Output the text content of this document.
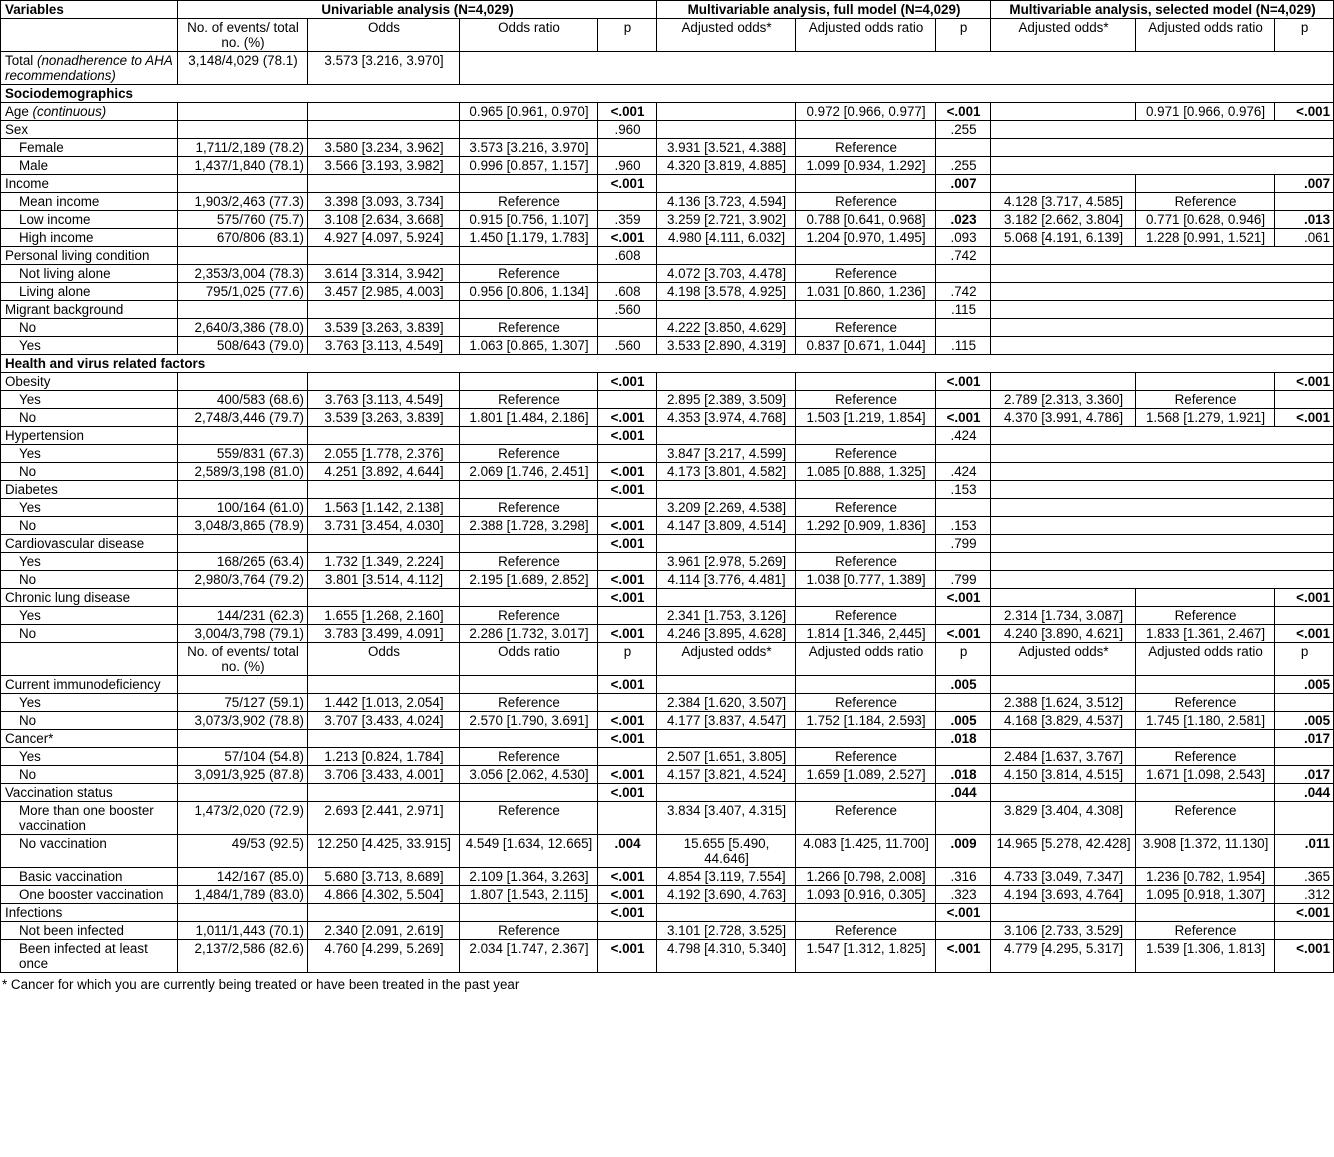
Variables	Univariable analysis (N=4,029)				Multivariable analysis, full model (N=4,029)			Multivariable analysis, selected model (N=4,029)		
	No. of events/ total no. (%)	Odds	Odds ratio	p	Adjusted odds*	Adjusted odds ratio	p	Adjusted odds*	Adjusted odds ratio	p
Total (nonadherence to AHA recommendations)	3,148/4,029 (78.1)	3.573 [3.216, 3.970]								
Sociodemographics										
Age (continuous)			0.965 [0.961, 0.970]	<.001		0.972 [0.966, 0.977]	<.001		0.971 [0.966, 0.976]	<.001
Sex				.960			.255			
Female	1,711/2,189 (78.2)	3.580 [3.234, 3.962]	3.573 [3.216, 3.970]		3.931 [3.521, 4.388]	Reference				
Male	1,437/1,840 (78.1)	3.566 [3.193, 3.982]	0.996 [0.857, 1.157]	.960	4.320 [3.819, 4.885]	1.099 [0.934, 1.292]	.255			
Income				<.001			.007			.007
Mean income	1,903/2,463 (77.3)	3.398 [3.093, 3.734]	Reference		4.136 [3.723, 4.594]	Reference		4.128 [3.717, 4.585]	Reference	
Low income	575/760 (75.7)	3.108 [2.634, 3.668]	0.915 [0.756, 1.107]	.359	3.259 [2.721, 3.902]	0.788 [0.641, 0.968]	.023	3.182 [2.662, 3.804]	0.771 [0.628, 0.946]	.013
High income	670/806 (83.1)	4.927 [4.097, 5.924]	1.450 [1.179, 1.783]	<.001	4.980 [4.111, 6.032]	1.204 [0.970, 1.495]	.093	5.068 [4.191, 6.139]	1.228 [0.991, 1.521]	.061
Personal living condition				.608			.742			
Not living alone	2,353/3,004 (78.3)	3.614 [3.314, 3.942]	Reference		4.072 [3.703, 4.478]	Reference				
Living alone	795/1,025 (77.6)	3.457 [2.985, 4.003]	0.956 [0.806, 1.134]	.608	4.198 [3.578, 4.925]	1.031 [0.860, 1.236]	.742			
Migrant background				.560			.115			
No	2,640/3,386 (78.0)	3.539 [3.263, 3.839]	Reference		4.222 [3.850, 4.629]	Reference				
Yes	508/643 (79.0)	3.763 [3.113, 4.549]	1.063 [0.865, 1.307]	.560	3.533 [2.890, 4.319]	0.837 [0.671, 1.044]	.115			
Health and virus related factors										
Obesity				<.001			<.001			<.001
Yes	400/583 (68.6)	3.763 [3.113, 4.549]	Reference		2.895 [2.389, 3.509]	Reference		2.789 [2.313, 3.360]	Reference	
No	2,748/3,446 (79.7)	3.539 [3.263, 3.839]	1.801 [1.484, 2.186]	<.001	4.353 [3.974, 4.768]	1.503 [1.219, 1.854]	<.001	4.370 [3.991, 4.786]	1.568 [1.279, 1.921]	<.001
Hypertension				<.001			.424			
Yes	559/831 (67.3)	2.055 [1.778, 2.376]	Reference		3.847 [3.217, 4.599]	Reference				
No	2,589/3,198 (81.0)	4.251 [3.892, 4.644]	2.069 [1.746, 2.451]	<.001	4.173 [3.801, 4.582]	1.085 [0.888, 1.325]	.424			
Diabetes				<.001			.153			
Yes	100/164 (61.0)	1.563 [1.142, 2.138]	Reference		3.209 [2.269, 4.538]	Reference				
No	3,048/3,865 (78.9)	3.731 [3.454, 4.030]	2.388 [1.728, 3.298]	<.001	4.147 [3.809, 4.514]	1.292 [0.909, 1.836]	.153			
Cardiovascular disease				<.001			.799			
Yes	168/265 (63.4)	1.732 [1.349, 2.224]	Reference		3.961 [2.978, 5.269]	Reference				
No	2,980/3,764 (79.2)	3.801 [3.514, 4.112]	2.195 [1.689, 2.852]	<.001	4.114 [3.776, 4.481]	1.038 [0.777, 1.389]	.799			
Chronic lung disease				<.001			<.001			<.001
Yes	144/231 (62.3)	1.655 [1.268, 2.160]	Reference		2.341 [1.753, 3.126]	Reference		2.314 [1.734, 3.087]	Reference	
No	3,004/3,798 (79.1)	3.783 [3.499, 4.091]	2.286 [1.732, 3.017]	<.001	4.246 [3.895, 4.628]	1.814 [1.346, 2,445]	<.001	4.240 [3.890, 4.621]	1.833 [1.361, 2.467]	<.001
	No. of events/ total no. (%)	Odds	Odds ratio	p	Adjusted odds*	Adjusted odds ratio	p	Adjusted odds*	Adjusted odds ratio	p
Current immunodeficiency				<.001			.005			.005
Yes	75/127 (59.1)	1.442 [1.013, 2.054]	Reference		2.384 [1.620, 3.507]	Reference		2.388 [1.624, 3.512]	Reference	
No	3,073/3,902 (78.8)	3.707 [3.433, 4.024]	2.570 [1.790, 3.691]	<.001	4.177 [3.837, 4.547]	1.752 [1.184, 2.593]	.005	4.168 [3.829, 4.537]	1.745 [1.180, 2.581]	.005
Cancer*				<.001			.018			.017
Yes	57/104 (54.8)	1.213 [0.824, 1.784]	Reference		2.507 [1.651, 3.805]	Reference		2.484 [1.637, 3.767]	Reference	
No	3,091/3,925 (87.8)	3.706 [3.433, 4.001]	3.056 [2.062, 4.530]	<.001	4.157 [3.821, 4.524]	1.659 [1.089, 2.527]	.018	4.150 [3.814, 4.515]	1.671 [1.098, 2.543]	.017
Vaccination status				<.001			.044			.044
More than one booster vaccination	1,473/2,020 (72.9)	2.693 [2.441, 2.971]	Reference		3.834 [3.407, 4.315]	Reference		3.829 [3.404, 4.308]	Reference	
No vaccination	49/53 (92.5)	12.250 [4.425, 33.915]	4.549 [1.634, 12.665]	.004	15.655 [5.490, 44.646]	4.083 [1.425, 11.700]	.009	14.965 [5.278, 42.428]	3.908 [1.372, 11.130]	.011
Basic vaccination	142/167 (85.0)	5.680 [3.713, 8.689]	2.109 [1.364, 3.263]	<.001	4.854 [3.119, 7.554]	1.266 [0.798, 2.008]	.316	4.733 [3.049, 7.347]	1.236 [0.782, 1.954]	.365
One booster vaccination	1,484/1,789 (83.0)	4.866 [4.302, 5.504]	1.807 [1.543, 2.115]	<.001	4.192 [3.690, 4.763]	1.093 [0.916, 0.305]	.323	4.194 [3.693, 4.764]	1.095 [0.918, 1.307]	.312
Infections				<.001			<.001			<.001
Not been infected	1,011/1,443 (70.1)	2.340 [2.091, 2.619]	Reference		3.101 [2.728, 3.525]	Reference		3.106 [2.733, 3.529]	Reference	
Been infected at least once	2,137/2,586 (82.6)	4.760 [4.299, 5.269]	2.034 [1.747, 2.367]	<.001	4.798 [4.310, 5.340]	1.547 [1.312, 1.825]	<.001	4.779 [4.295, 5.317]	1.539 [1.306, 1.813]	<.001
* Cancer for which you are currently being treated or have been treated in the past year
